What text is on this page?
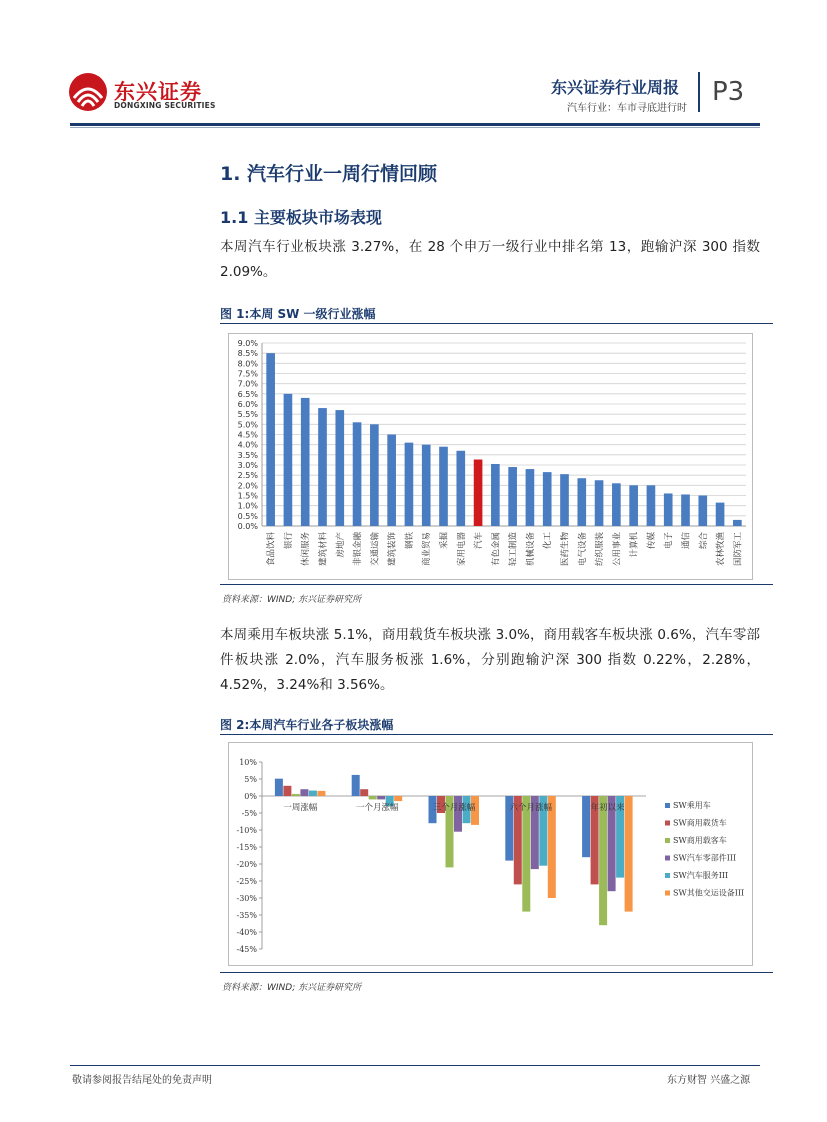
东兴证券
DONGXING SECURITIES
东兴证券行业周报
汽车行业：车市寻底进行时
P3
1. 汽车行业一周行情回顾
1.1 主要板块市场表现
本周汽车行业板块涨 3.27%，在 28 个申万一级行业中排名第 13，跑输沪深 300 指数 2.09%。
图 1:本周 SW 一级行业涨幅
9.0%
8.5%
8.0%
7.5%
7.0%
6.5%
6.0%
5.5%
5.0%
4.5%
4.0%
3.5%
3.0%
2.5%
2.0%
1.5%
1.0%
0.5%
0.0%
食品饮料 银行 休闲服务 建筑材料 房地产 非银金融 交通运输 建筑装饰 钢铁 商业贸易 采掘 家用电器 汽车 有色金属 轻工制造 机械设备 化工 医药生物 电气设备 纺织服装 公用事业 计算机 传媒 电子 通信 综合 农林牧渔 国防军工
资料来源：WIND; 东兴证券研究所
本周乘用车板块涨 5.1%，商用载货车板块涨 3.0%，商用载客车板块涨 0.6%，汽车零部件板块涨 2.0%，汽车服务板涨 1.6%，分别跑输沪深 300 指数 0.22%，2.28%，4.52%，3.24%和 3.56%。
图 2:本周汽车行业各子板块涨幅
10%
5%
0%
-5%
-10%
-15%
-20%
-25%
-30%
-35%
-40%
-45%
一周涨幅	一个月涨幅	三个月涨幅	六个月涨幅	年初以来	SW乘用车
SW商用载货车
SW商用载客车
SW汽车零部件III
SW汽车服务III
SW其他交运设备III
资料来源：WIND; 东兴证券研究所
敬请参阅报告结尾处的免责声明	东方财智 兴盛之源
